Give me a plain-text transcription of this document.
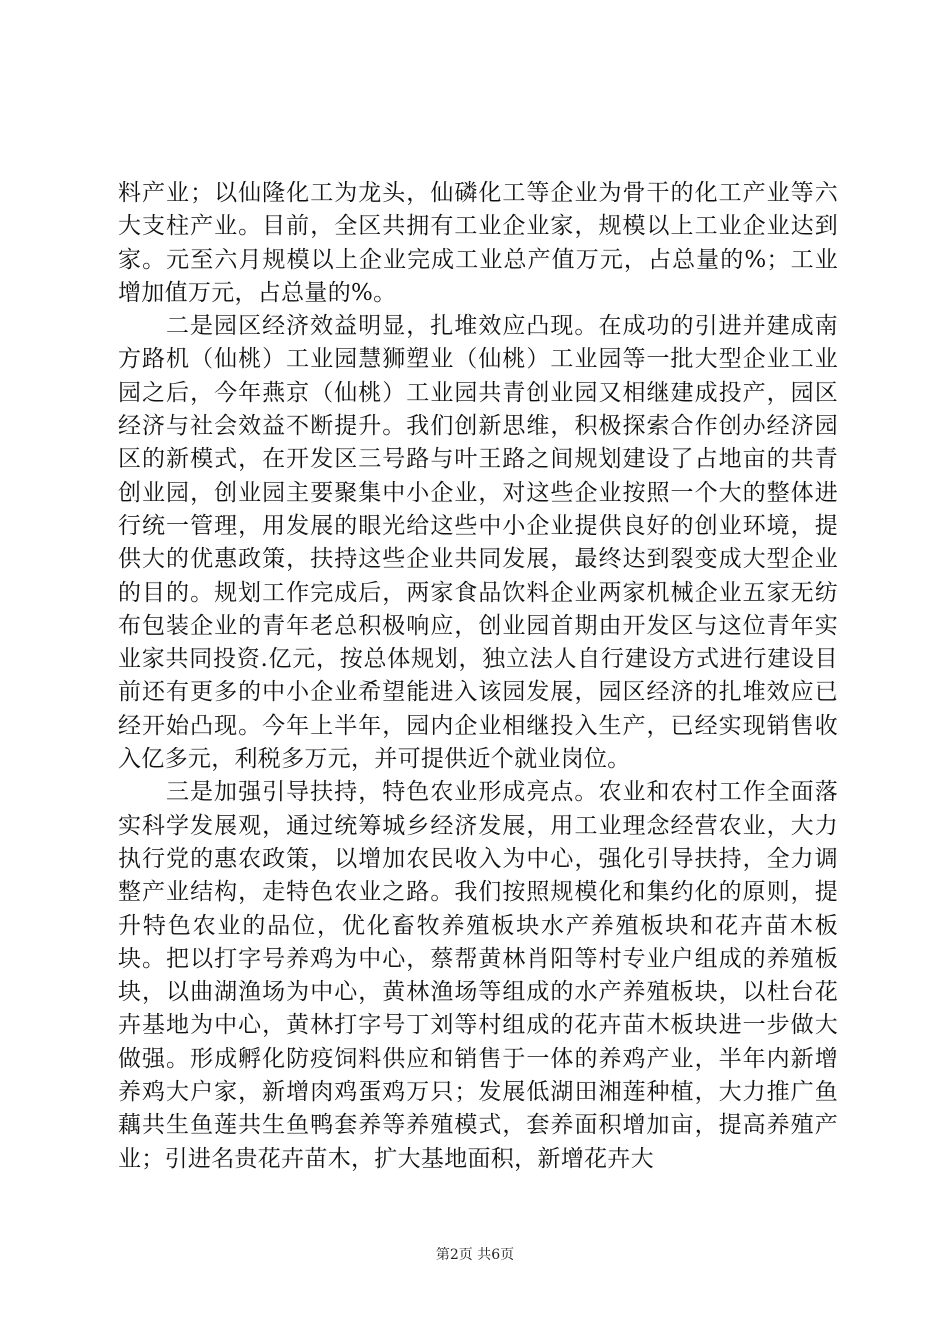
料产业；以仙隆化工为龙头，仙磷化工等企业为骨干的化工产业等六大支柱产业。目前，全区共拥有工业企业家，规模以上工业企业达到家。元至六月规模以上企业完成工业总产值万元，占总量的%；工业增加值万元，占总量的%。

二是园区经济效益明显，扎堆效应凸现。在成功的引进并建成南方路机（仙桃）工业园慧狮塑业（仙桃）工业园等一批大型企业工业园之后，今年燕京（仙桃）工业园共青创业园又相继建成投产，园区经济与社会效益不断提升。我们创新思维，积极探索合作创办经济园区的新模式，在开发区三号路与叶王路之间规划建设了占地亩的共青创业园，创业园主要聚集中小企业，对这些企业按照一个大的整体进行统一管理，用发展的眼光给这些中小企业提供良好的创业环境，提供大的优惠政策，扶持这些企业共同发展，最终达到裂变成大型企业的目的。规划工作完成后，两家食品饮料企业两家机械企业五家无纺布包装企业的青年老总积极响应，创业园首期由开发区与这位青年实业家共同投资.亿元，按总体规划，独立法人自行建设方式进行建设目前还有更多的中小企业希望能进入该园发展，园区经济的扎堆效应已经开始凸现。今年上半年，园内企业相继投入生产，已经实现销售收入亿多元，利税多万元，并可提供近个就业岗位。

三是加强引导扶持，特色农业形成亮点。农业和农村工作全面落实科学发展观，通过统筹城乡经济发展，用工业理念经营农业，大力执行党的惠农政策，以增加农民收入为中心，强化引导扶持，全力调整产业结构，走特色农业之路。我们按照规模化和集约化的原则，提升特色农业的品位，优化畜牧养殖板块水产养殖板块和花卉苗木板块。把以打字号养鸡为中心，蔡帮黄林肖阳等村专业户组成的养殖板块，以曲湖渔场为中心，黄林渔场等组成的水产养殖板块，以杜台花卉基地为中心，黄林打字号丁刘等村组成的花卉苗木板块进一步做大做强。形成孵化防疫饲料供应和销售于一体的养鸡产业，半年内新增养鸡大户家，新增肉鸡蛋鸡万只；发展低湖田湘莲种植，大力推广鱼藕共生鱼莲共生鱼鸭套养等养殖模式，套养面积增加亩，提高养殖产业；引进名贵花卉苗木，扩大基地面积，新增花卉大

第2页 共6页
